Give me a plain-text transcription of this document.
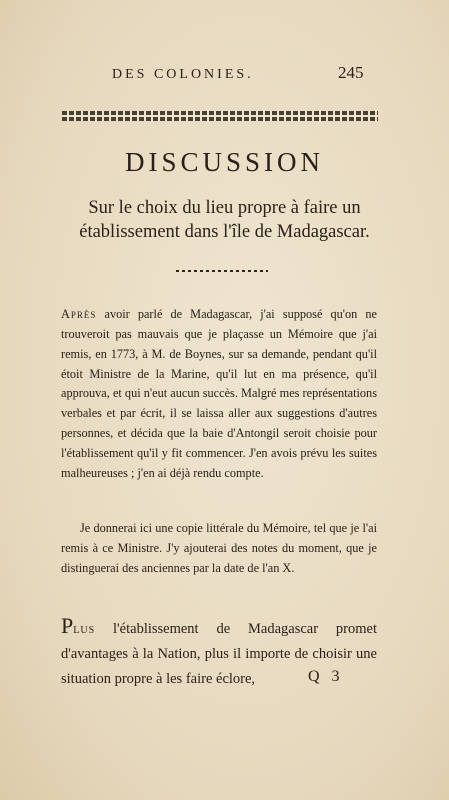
DES COLONIES.	245
DISCUSSION
Sur le choix du lieu propre à faire un
établissement dans l'île de Madagascar.

Après avoir parlé de Madagascar, j'ai supposé qu'on ne trouveroit pas mauvais que je plaçasse un Mémoire que j'ai remis, en 1773, à M. de Boynes, sur sa demande, pendant qu'il étoit Ministre de la Marine, qu'il lut en ma présence, qu'il approuva, et qui n'eut aucun succès. Malgré mes représentations verbales et par écrit, il se laissa aller aux suggestions d'autres personnes, et décida que la baie d'Antongil seroit choisie pour l'établissement qu'il y fit commencer. J'en avois prévu les suites malheureuses ; j'en ai déjà rendu compte.

Je donnerai ici une copie littérale du Mémoire, tel que je l'ai remis à ce Ministre. J'y ajouterai des notes du moment, que je distinguerai des anciennes par la date de l'an X.

Plus l'établissement de Madagascar promet d'avantages à la Nation, plus il importe de choisir une situation propre à les faire éclore,	Q 3
